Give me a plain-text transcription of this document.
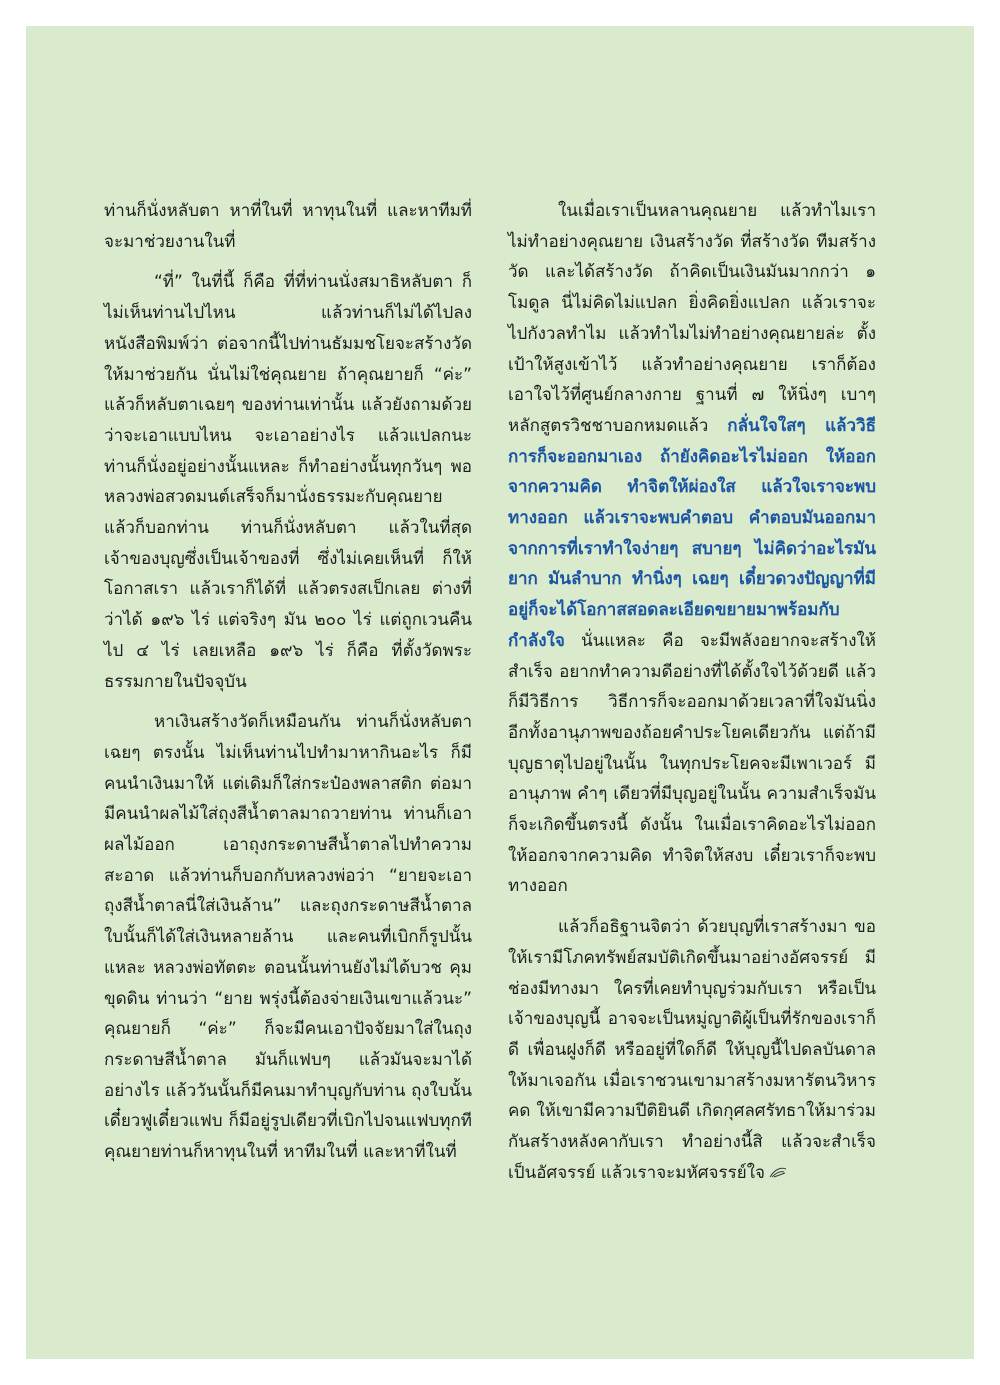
ท่านก็นั่งหลับตา หาที่ในที่ หาทุนในที่ และหาทีมที่จะมาช่วยงานในที่

“ที่” ในที่นี้ ก็คือ ที่ที่ท่านนั่งสมาธิหลับตา ก็ไม่เห็นท่านไปไหน แล้วท่านก็ไม่ได้ไปลงหนังสือพิมพ์ว่า ต่อจากนี้ไปท่านธัมมชโยจะสร้างวัด ให้มาช่วยกัน นั่นไม่ใช่คุณยาย ถ้าคุณยายก็ “ค่ะ” แล้วก็หลับตาเฉยๆ ของท่านเท่านั้น แล้วยังถามด้วยว่าจะเอาแบบไหน จะเอาอย่างไร แล้วแปลกนะ ท่านก็นั่งอยู่อย่างนั้นแหละ ก็ทำอย่างนั้นทุกวันๆ พอหลวงพ่อสวดมนต์เสร็จก็มานั่งธรรมะกับคุณยาย แล้วก็บอกท่าน ท่านก็นั่งหลับตา แล้วในที่สุดเจ้าของบุญซึ่งเป็นเจ้าของที่ ซึ่งไม่เคยเห็นที่ ก็ให้โอกาสเรา แล้วเราก็ได้ที่ แล้วตรงสเป็กเลย ต่างที่ว่าได้ ๑๙๖ ไร่ แต่จริงๆ มัน ๒๐๐ ไร่ แต่ถูกเวนคืนไป ๔ ไร่ เลยเหลือ ๑๙๖ ไร่ ก็คือ ที่ตั้งวัดพระธรรมกายในปัจจุบัน

หาเงินสร้างวัดก็เหมือนกัน ท่านก็นั่งหลับตาเฉยๆ ตรงนั้น ไม่เห็นท่านไปทำมาหากินอะไร ก็มีคนนำเงินมาให้ แต่เดิมก็ใส่กระป๋องพลาสติก ต่อมามีคนนำผลไม้ใส่ถุงสีน้ำตาลมาถวายท่าน ท่านก็เอาผลไม้ออก เอาถุงกระดาษสีน้ำตาลไปทำความสะอาด แล้วท่านก็บอกกับหลวงพ่อว่า “ยายจะเอาถุงสีน้ำตาลนี่ใส่เงินล้าน” และถุงกระดาษสีน้ำตาลใบนั้นก็ได้ใส่เงินหลายล้าน และคนที่เบิกก็รูปนั้นแหละ หลวงพ่อทัตตะ ตอนนั้นท่านยังไม่ได้บวช คุมขุดดิน ท่านว่า “ยาย พรุ่งนี้ต้องจ่ายเงินเขาแล้วนะ” คุณยายก็ “ค่ะ” ก็จะมีคนเอาปัจจัยมาใส่ในถุงกระดาษสีน้ำตาล มันก็แฟบๆ แล้วมันจะมาได้อย่างไร แล้ววันนั้นก็มีคนมาทำบุญกับท่าน ถุงใบนั้นเดี๋ยวฟูเดี๋ยวแฟบ ก็มีอยู่รูปเดียวที่เบิกไปจนแฟบทุกที คุณยายท่านก็หาทุนในที่ หาทีมในที่ และหาที่ในที่

ในเมื่อเราเป็นหลานคุณยาย แล้วทำไมเราไม่ทำอย่างคุณยาย เงินสร้างวัด ที่สร้างวัด ทีมสร้างวัด และได้สร้างวัด ถ้าคิดเป็นเงินมันมากกว่า ๑ โมดูล นี่ไม่คิดไม่แปลก ยิ่งคิดยิ่งแปลก แล้วเราจะไปกังวลทำไม แล้วทำไมไม่ทำอย่างคุณยายล่ะ ตั้งเป้าให้สูงเข้าไว้ แล้วทำอย่างคุณยาย เราก็ต้องเอาใจไว้ที่ศูนย์กลางกาย ฐานที่ ๗ ให้นิ่งๆ เบาๆ หลักสูตรวิชชาบอกหมดแล้ว กลั่นใจใสๆ แล้ววิธีการก็จะออกมาเอง ถ้ายังคิดอะไรไม่ออก ให้ออกจากความคิด ทำจิตให้ผ่องใส แล้วใจเราจะพบทางออก แล้วเราจะพบคำตอบ คำตอบมันออกมาจากการที่เราทำใจง่ายๆ สบายๆ ไม่คิดว่าอะไรมันยาก มันลำบาก ทำนิ่งๆ เฉยๆ เดี๋ยวดวงปัญญาที่มีอยู่ก็จะได้โอกาสสอดละเอียดขยายมาพร้อมกับกำลังใจ นั่นแหละ คือ จะมีพลังอยากจะสร้างให้สำเร็จ อยากทำความดีอย่างที่ได้ตั้งใจไว้ด้วยดี แล้วก็มีวิธีการ วิธีการก็จะออกมาด้วยเวลาที่ใจมันนิ่ง อีกทั้งอานุภาพของถ้อยคำประโยคเดียวกัน แต่ถ้ามีบุญธาตุไปอยู่ในนั้น ในทุกประโยคจะมีเพาเวอร์ มีอานุภาพ คำๆ เดียวที่มีบุญอยู่ในนั้น ความสำเร็จมันก็จะเกิดขึ้นตรงนี้ ดังนั้น ในเมื่อเราคิดอะไรไม่ออก ให้ออกจากความคิด ทำจิตให้สงบ เดี๋ยวเราก็จะพบทางออก

แล้วก็อธิฐานจิตว่า ด้วยบุญที่เราสร้างมา ขอให้เรามีโภคทรัพย์สมบัติเกิดขึ้นมาอย่างอัศจรรย์ มีช่องมีทางมา ใครที่เคยทำบุญร่วมกับเรา หรือเป็นเจ้าของบุญนี้ อาจจะเป็นหมู่ญาติผู้เป็นที่รักของเราก็ดี เพื่อนฝูงก็ดี หรืออยู่ที่ใดก็ดี ให้บุญนี้ไปดลบันดาลให้มาเจอกัน เมื่อเราชวนเขามาสร้างมหารัตนวิหารคด ให้เขามีความปีติยินดี เกิดกุศลศรัทธาให้มาร่วมกันสร้างหลังคากับเรา ทำอย่างนี้สิ แล้วจะสำเร็จเป็นอัศจรรย์ แล้วเราจะมหัศจรรย์ใจ
